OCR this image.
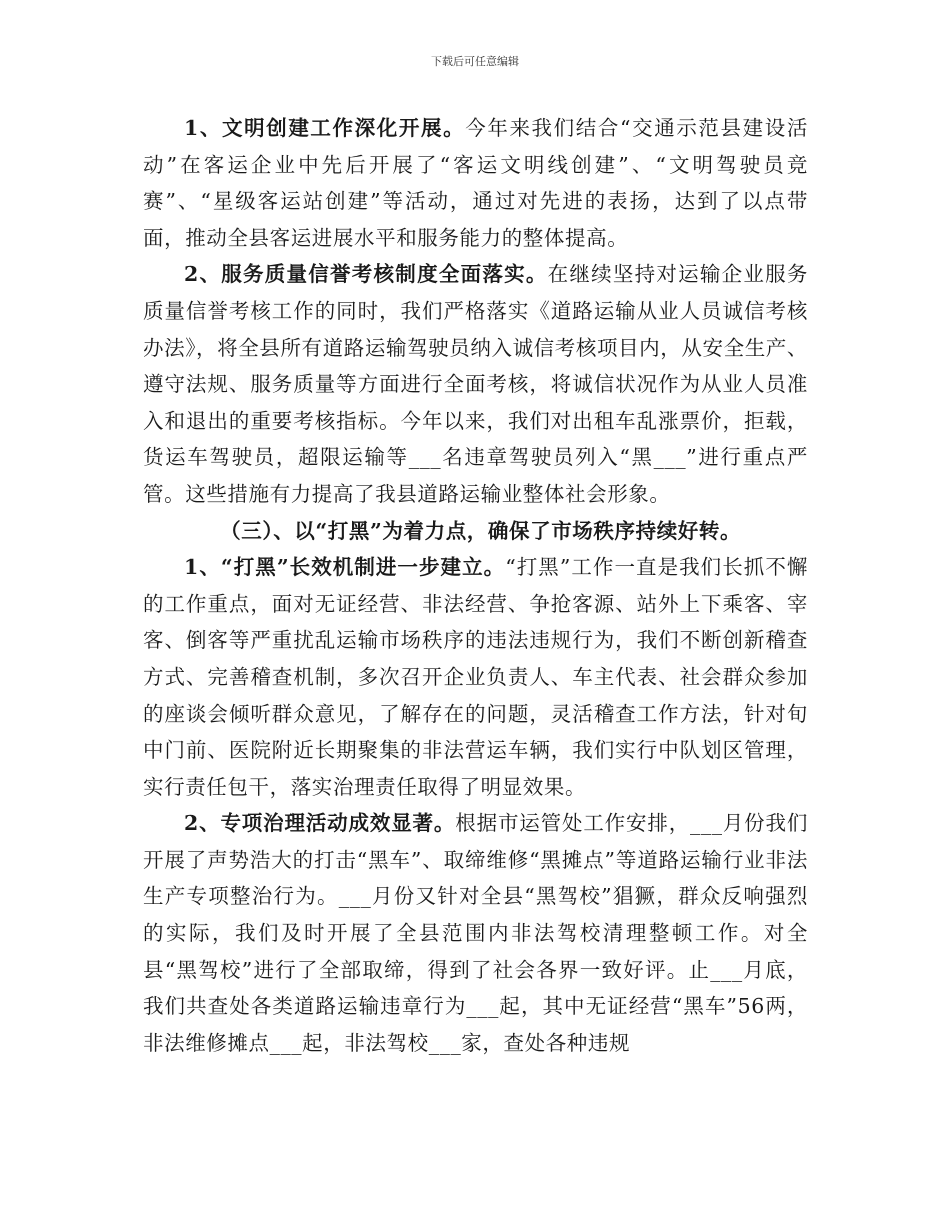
下载后可任意编辑

1、文明创建工作深化开展。今年来我们结合“交通示范县建设活动”在客运企业中先后开展了“客运文明线创建”、“文明驾驶员竞赛”、“星级客运站创建”等活动，通过对先进的表扬，达到了以点带面，推动全县客运进展水平和服务能力的整体提高。

2、服务质量信誉考核制度全面落实。在继续坚持对运输企业服务质量信誉考核工作的同时，我们严格落实《道路运输从业人员诚信考核办法》，将全县所有道路运输驾驶员纳入诚信考核项目内，从安全生产、遵守法规、服务质量等方面进行全面考核，将诚信状况作为从业人员准入和退出的重要考核指标。今年以来，我们对出租车乱涨票价，拒载，货运车驾驶员，超限运输等___名违章驾驶员列入“黑___”进行重点严管。这些措施有力提高了我县道路运输业整体社会形象。

（三）、以“打黑”为着力点，确保了市场秩序持续好转。

1、“打黑”长效机制进一步建立。“打黑”工作一直是我们长抓不懈的工作重点，面对无证经营、非法经营、争抢客源、站外上下乘客、宰客、倒客等严重扰乱运输市场秩序的违法违规行为，我们不断创新稽查方式、完善稽查机制，多次召开企业负责人、车主代表、社会群众参加的座谈会倾听群众意见，了解存在的问题，灵活稽查工作方法，针对旬中门前、医院附近长期聚集的非法营运车辆，我们实行中队划区管理，实行责任包干，落实治理责任取得了明显效果。

2、专项治理活动成效显著。根据市运管处工作安排，___月份我们开展了声势浩大的打击“黑车”、取缔维修“黑摊点”等道路运输行业非法生产专项整治行为。___月份又针对全县“黑驾校”猖獗，群众反响强烈的实际，我们及时开展了全县范围内非法驾校清理整顿工作。对全县“黑驾校”进行了全部取缔，得到了社会各界一致好评。止___月底，我们共查处各类道路运输违章行为___起，其中无证经营“黑车”56两，非法维修摊点___起，非法驾校___家，查处各种违规
